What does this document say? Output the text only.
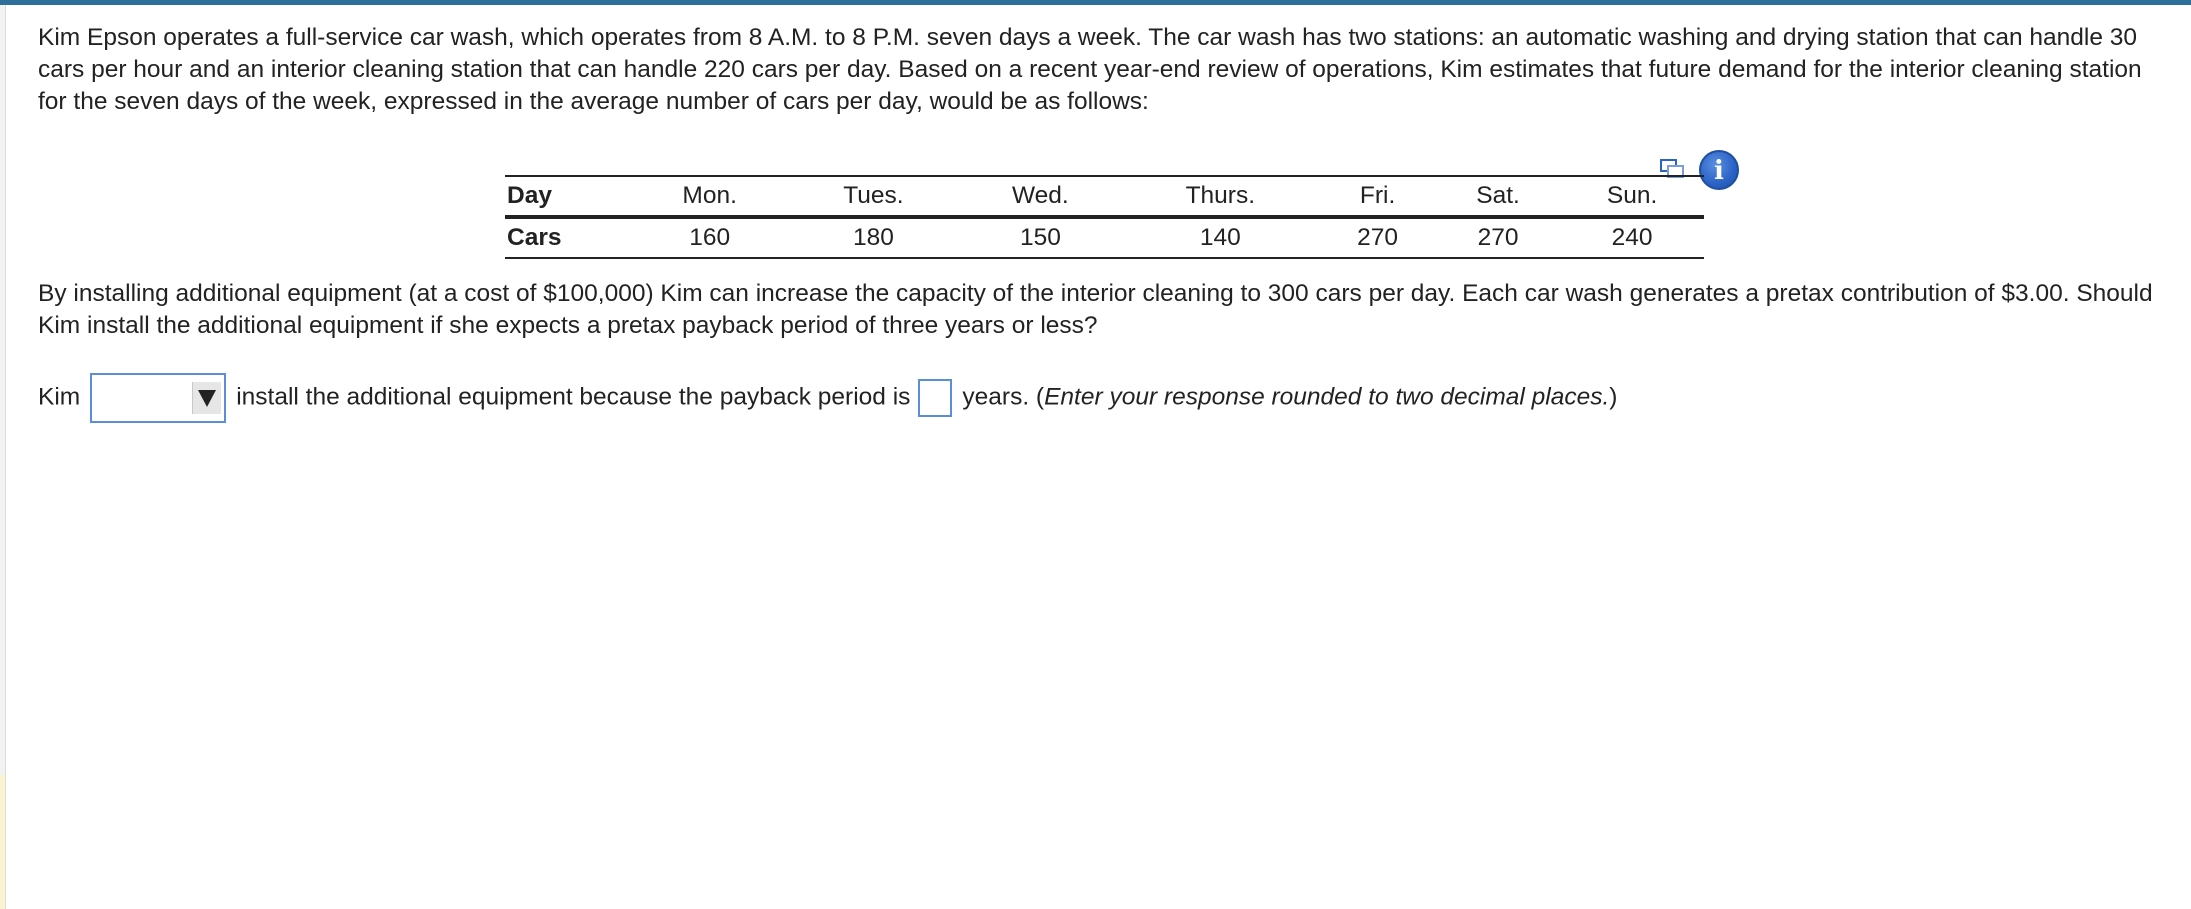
Kim Epson operates a full-service car wash, which operates from 8 A.M. to 8 P.M. seven days a week. The car wash has two stations: an automatic washing and drying station that can handle 30 cars per hour and an interior cleaning station that can handle 220 cars per day. Based on a recent year-end review of operations, Kim estimates that future demand for the interior cleaning station for the seven days of the week, expressed in the average number of cars per day, would be as follows:

i
Day	Mon.	Tues.	Wed.	Thurs.	Fri.	Sat.	Sun.
Cars	160	180	150	140	270	270	240

By installing additional equipment (at a cost of $100,000) Kim can increase the capacity of the interior cleaning to 300 cars per day. Each car wash generates a pretax contribution of $3.00. Should Kim install the additional equipment if she expects a pretax payback period of three years or less?

Kim	install the additional equipment because the payback period is years. (Enter your response rounded to two decimal places.)
